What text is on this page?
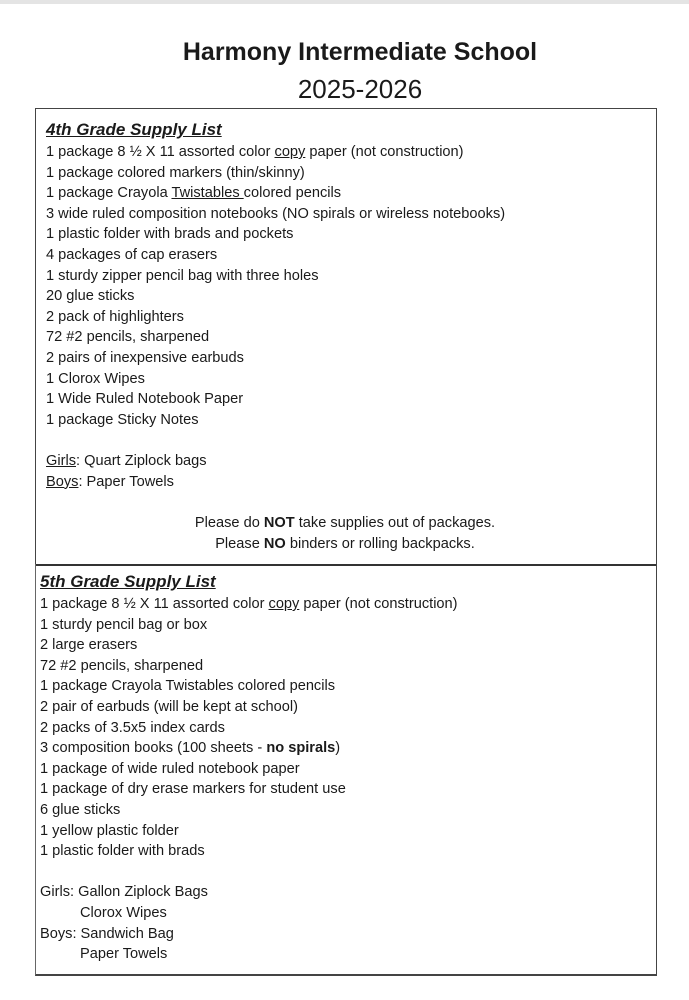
Harmony Intermediate School
2025-2026
4th Grade Supply List
1 package 8 ½ X 11 assorted color copy paper (not construction)
1 package colored markers (thin/skinny)
1 package Crayola Twistables colored pencils
3 wide ruled composition notebooks (NO spirals or wireless notebooks)
1 plastic folder with brads and pockets
4 packages of cap erasers
1 sturdy zipper pencil bag with three holes
20 glue sticks
2 pack of highlighters
72 #2 pencils, sharpened
2 pairs of inexpensive earbuds
1 Clorox Wipes
1 Wide Ruled Notebook Paper
1 package Sticky Notes
Girls: Quart Ziplock bags
Boys: Paper Towels
Please do NOT take supplies out of packages.
Please NO binders or rolling backpacks.
5th Grade Supply List
1 package 8 ½ X 11 assorted color copy paper (not construction)
1 sturdy pencil bag or box
2 large erasers
72 #2 pencils, sharpened
1 package Crayola Twistables colored pencils
2 pair of earbuds (will be kept at school)
2 packs of 3.5x5 index cards
3 composition books (100 sheets - no spirals)
1 package of wide ruled notebook paper
1 package of dry erase markers for student use
6 glue sticks
1 yellow plastic folder
1 plastic folder with brads
Girls: Gallon Ziplock Bags
Clorox Wipes
Boys: Sandwich Bag
Paper Towels
